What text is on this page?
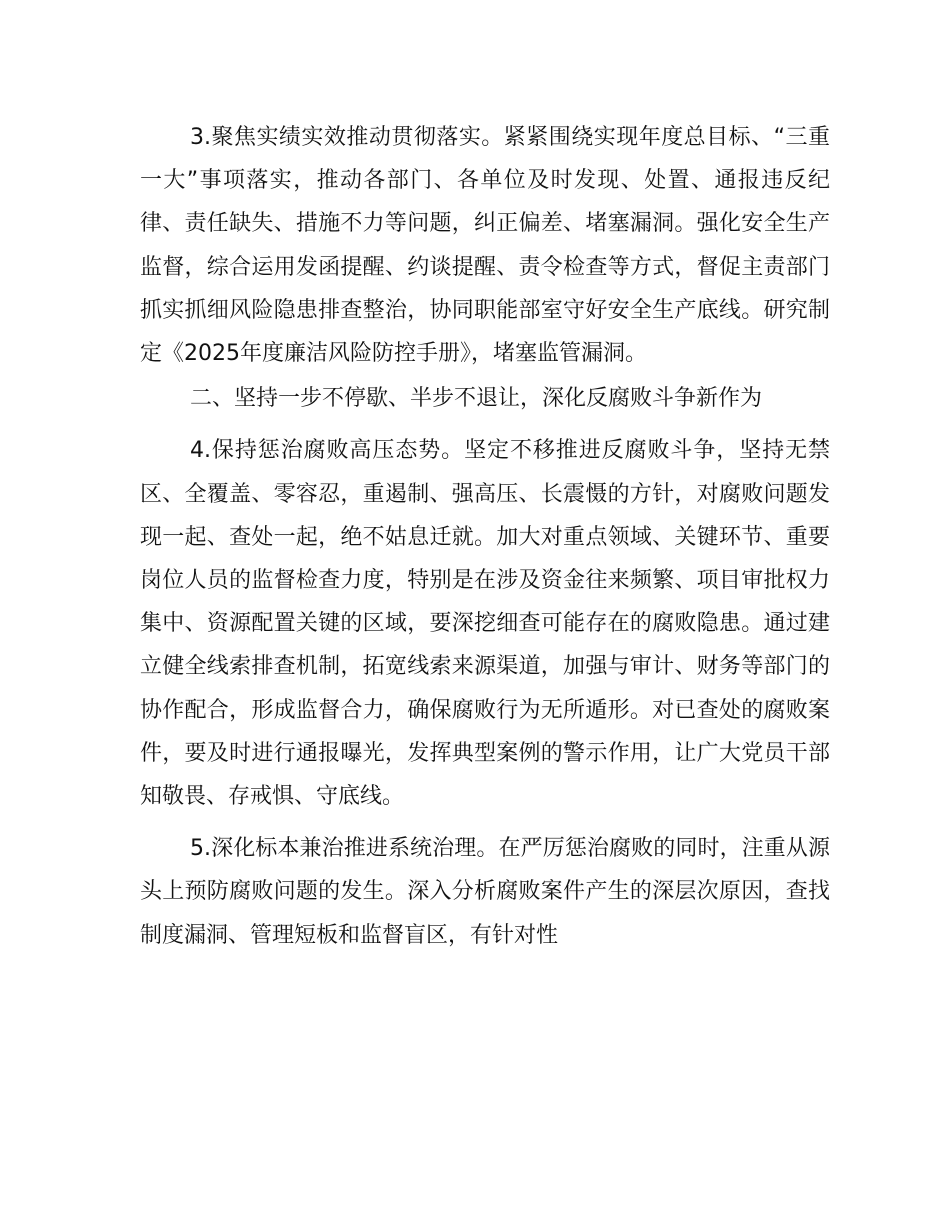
3.聚焦实绩实效推动贯彻落实。紧紧围绕实现年度总目标、“三重一大”事项落实，推动各部门、各单位及时发现、处置、通报违反纪律、责任缺失、措施不力等问题，纠正偏差、堵塞漏洞。强化安全生产监督，综合运用发函提醒、约谈提醒、责令检查等方式，督促主责部门抓实抓细风险隐患排查整治，协同职能部室守好安全生产底线。研究制定《2025年度廉洁风险防控手册》，堵塞监管漏洞。

二、坚持一步不停歇、半步不退让，深化反腐败斗争新作为

4.保持惩治腐败高压态势。坚定不移推进反腐败斗争，坚持无禁区、全覆盖、零容忍，重遏制、强高压、长震慑的方针，对腐败问题发现一起、查处一起，绝不姑息迁就。加大对重点领域、关键环节、重要岗位人员的监督检查力度，特别是在涉及资金往来频繁、项目审批权力集中、资源配置关键的区域，要深挖细查可能存在的腐败隐患。通过建立健全线索排查机制，拓宽线索来源渠道，加强与审计、财务等部门的协作配合，形成监督合力，确保腐败行为无所遁形。对已查处的腐败案件，要及时进行通报曝光，发挥典型案例的警示作用，让广大党员干部知敬畏、存戒惧、守底线。

5.深化标本兼治推进系统治理。在严厉惩治腐败的同时，注重从源头上预防腐败问题的发生。深入分析腐败案件产生的深层次原因，查找制度漏洞、管理短板和监督盲区，有针对性
